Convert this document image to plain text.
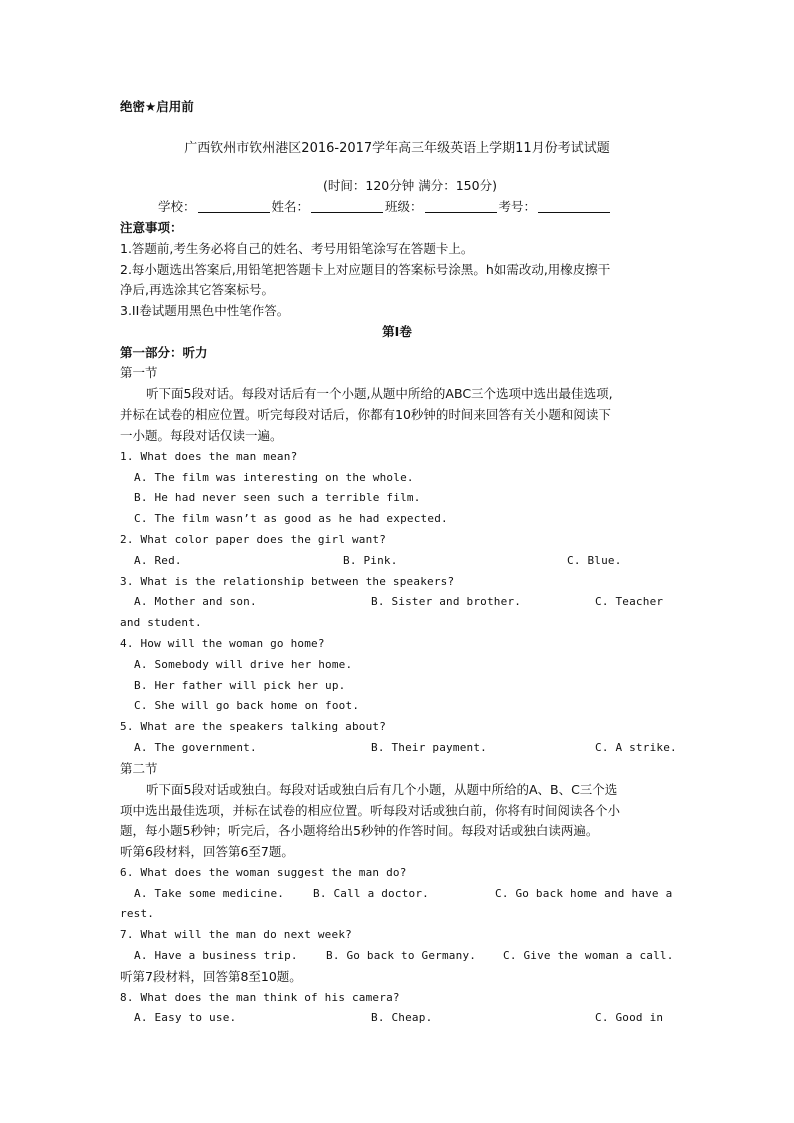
绝密★启用前
广西钦州市钦州港区2016-2017学年高三年级英语上学期11月份考试试题
(时间：120分钟 满分：150分)
学校：	姓名：	班级：	考号：
注意事项：
1.答题前,考生务必将自己的姓名、考号用铅笔涂写在答题卡上。
2.每小题选出答案后,用铅笔把答题卡上对应题目的答案标号涂黑。h如需改动,用橡皮擦干
净后,再选涂其它答案标号。
3.II卷试题用黑色中性笔作答。
第I卷
第一部分：听力
第一节
听下面5段对话。每段对话后有一个小题,从题中所给的ABC三个选项中选出最佳选项,
并标在试卷的相应位置。听完每段对话后，你都有10秒钟的时间来回答有关小题和阅读下
一小题。每段对话仅读一遍。
1. What does the man mean?
A. The film was interesting on the whole.
B. He had never seen such a terrible film.
C. The film wasn’t as good as he had expected.
2. What color paper does the girl want?
A. Red.	B. Pink.	C. Blue.
3. What is the relationship between the speakers?
A. Mother and son.	B. Sister and brother.	C. Teacher
and student.
4. How will the woman go home?
A. Somebody will drive her home.
B. Her father will pick her up.
C. She will go back home on foot.
5. What are the speakers talking about?
A. The government.	B. Their payment.	C. A strike.
第二节
听下面5段对话或独白。每段对话或独白后有几个小题，从题中所给的A、B、C三个选
项中选出最佳选项，并标在试卷的相应位置。听每段对话或独白前，你将有时间阅读各个小
题，每小题5秒钟；听完后，各小题将给出5秒钟的作答时间。每段对话或独白读两遍。
听第6段材料，回答第6至7题。
6. What does the woman suggest the man do?
A. Take some medicine.	B. Call a doctor.	C. Go back home and have a
rest.
7. What will the man do next week?
A. Have a business trip.	B. Go back to Germany. C. Give the woman a call.
听第7段材料，回答第8至10题。
8. What does the man think of his camera?
A. Easy to use.	B. Cheap.	C. Good in
